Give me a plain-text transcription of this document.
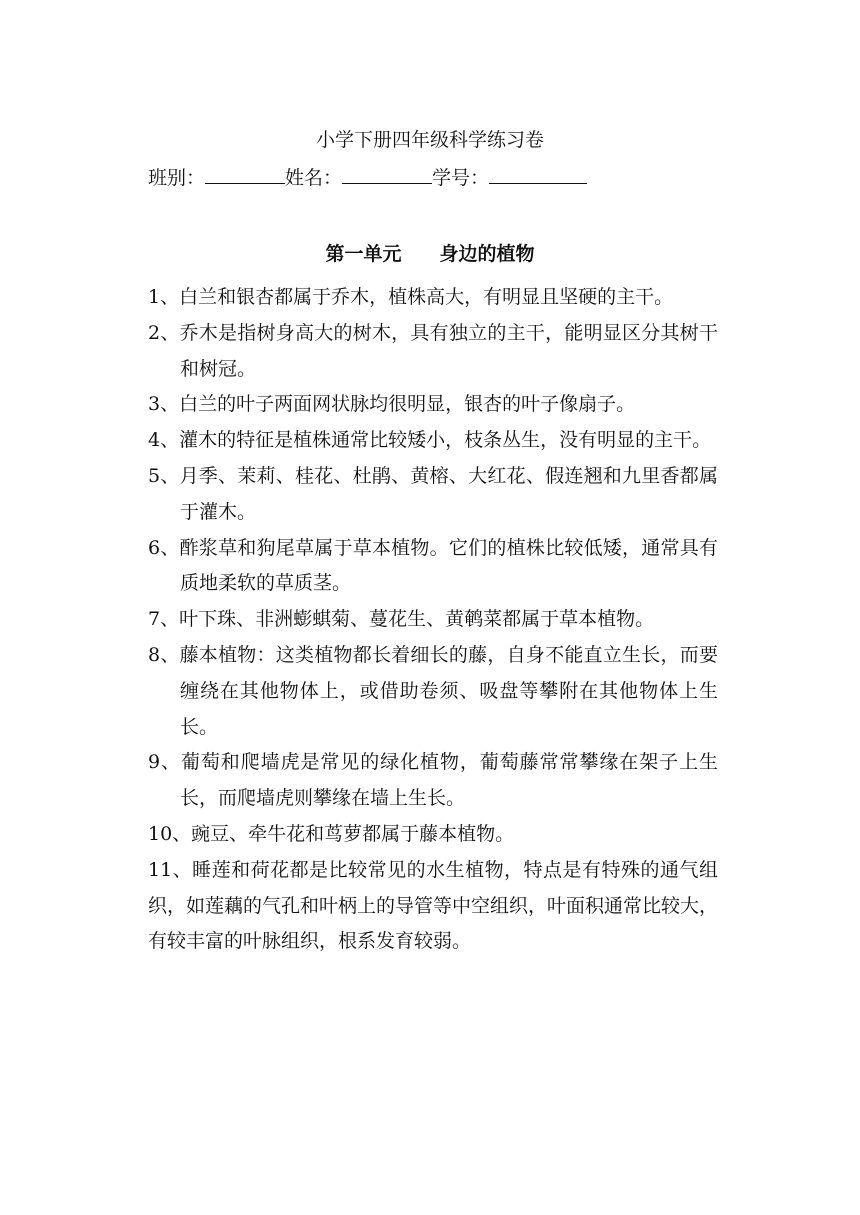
小学下册四年级科学练习卷
班别：	姓名：	学号：
第一单元　　身边的植物
1、白兰和银杏都属于乔木，植株高大，有明显且坚硬的主干。
2、乔木是指树身高大的树木，具有独立的主干，能明显区分其树干和树冠。
3、白兰的叶子两面网状脉均很明显，银杏的叶子像扇子。
4、灌木的特征是植株通常比较矮小，枝条丛生，没有明显的主干。
5、月季、茉莉、桂花、杜鹃、黄榕、大红花、假连翘和九里香都属于灌木。
6、酢浆草和狗尾草属于草本植物。它们的植株比较低矮，通常具有质地柔软的草质茎。
7、叶下珠、非洲蟛蜞菊、蔓花生、黄鹌菜都属于草本植物。
8、藤本植物：这类植物都长着细长的藤，自身不能直立生长，而要缠绕在其他物体上，或借助卷须、吸盘等攀附在其他物体上生长。
9、葡萄和爬墙虎是常见的绿化植物，葡萄藤常常攀缘在架子上生长，而爬墙虎则攀缘在墙上生长。
10、豌豆、牵牛花和茑萝都属于藤本植物。
11、睡莲和荷花都是比较常见的水生植物，特点是有特殊的通气组织，如莲藕的气孔和叶柄上的导管等中空组织，叶面积通常比较大，有较丰富的叶脉组织，根系发育较弱。
